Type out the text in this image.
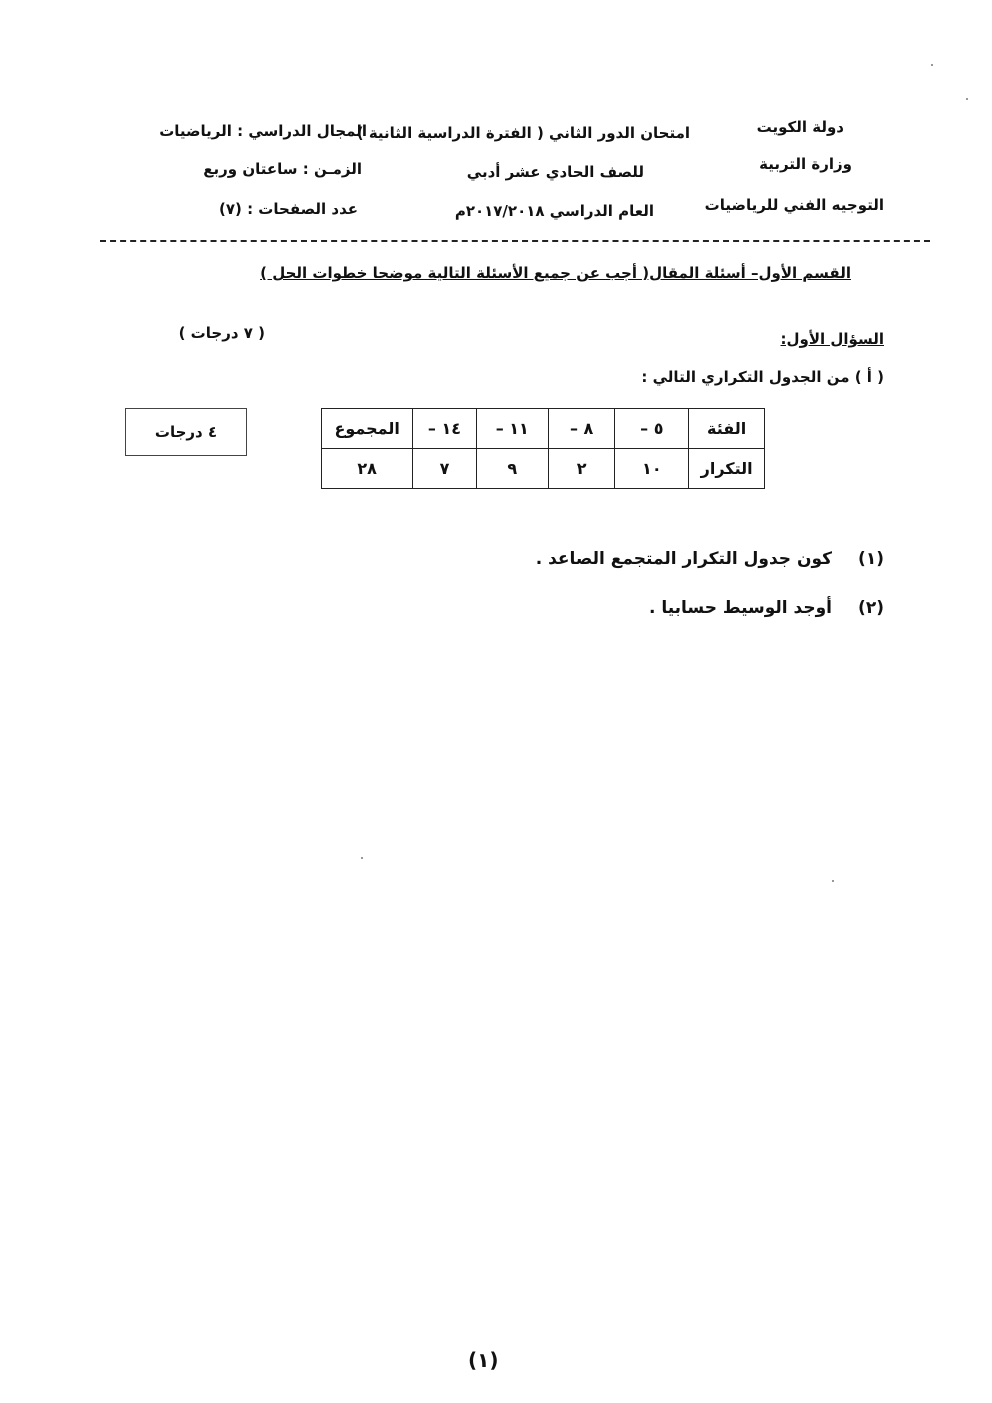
دولة الكويت
وزارة التربية
التوجيه الفني للرياضيات
امتحان الدور الثاني ( الفترة الدراسية الثانية )
للصف الحادي عشر أدبي
العام الدراسي ٢٠١٧/٢٠١٨م
المجال الدراسي : الرياضيات
الزمـن : ساعتان وربع
عدد الصفحات : (٧)
القسم الأول– أسئلة المقال( أجب عن جميع الأسئلة التالية موضحا خطوات الحل )
السؤال الأول:
( ٧ درجات )
( أ ) من الجدول التكراري التالي :
٤ درجات	الفئة	٥ –	٨ –	١١ –	١٤ –	المجموع
التكرار	١٠	٢	٩	٧	٢٨
(١)
كون جدول التكرار المتجمع الصاعد .
(٢)
أوجد الوسيط حسابيا .
(١)
